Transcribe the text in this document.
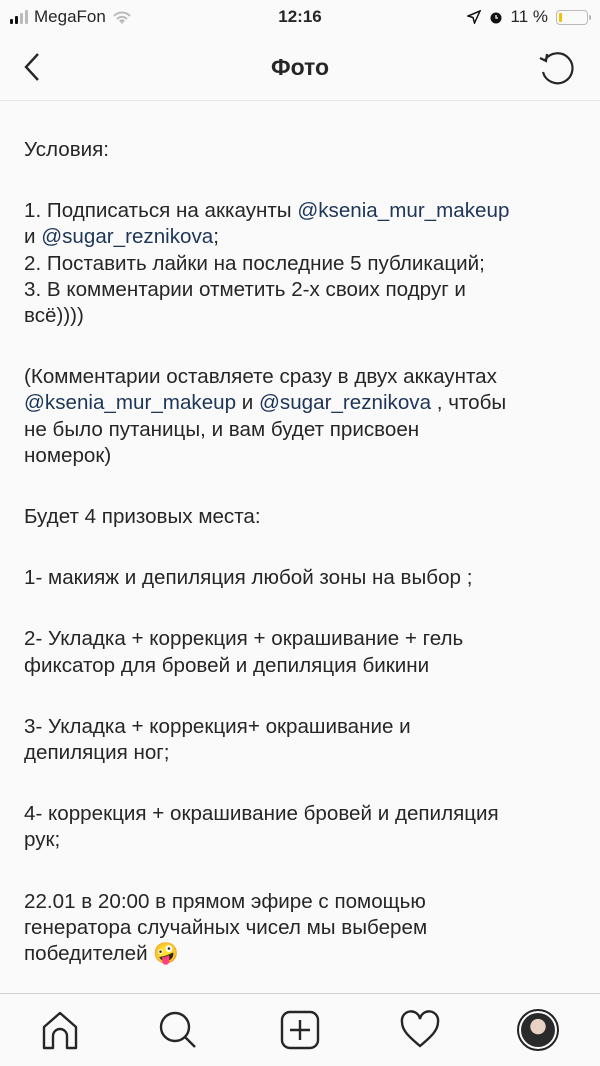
MegaFon	12:16	11 %
Фото

Условия:

1. Подписаться на аккаунты @ksenia_mur_makeup
и @sugar_reznikova;
2. Поставить лайки на последние 5 публикаций;
3. В комментарии отметить 2-х своих подруг и
всё))))

(Комментарии оставляете сразу в двух аккаунтах
@ksenia_mur_makeup и @sugar_reznikova , чтобы
не было путаницы, и вам будет присвоен
номерок)

Будет 4 призовых места:

1- макияж и депиляция любой зоны на выбор ;

2- Укладка + коррекция + окрашивание + гель
фиксатор для бровей и депиляция бикини

3- Укладка + коррекция+ окрашивание и
депиляция ног;

4- коррекция + окрашивание бровей и депиляция
рук;

22.01 в 20:00 в прямом эфире с помощью
генератора случайных чисел мы выберем
победителей 🤪
